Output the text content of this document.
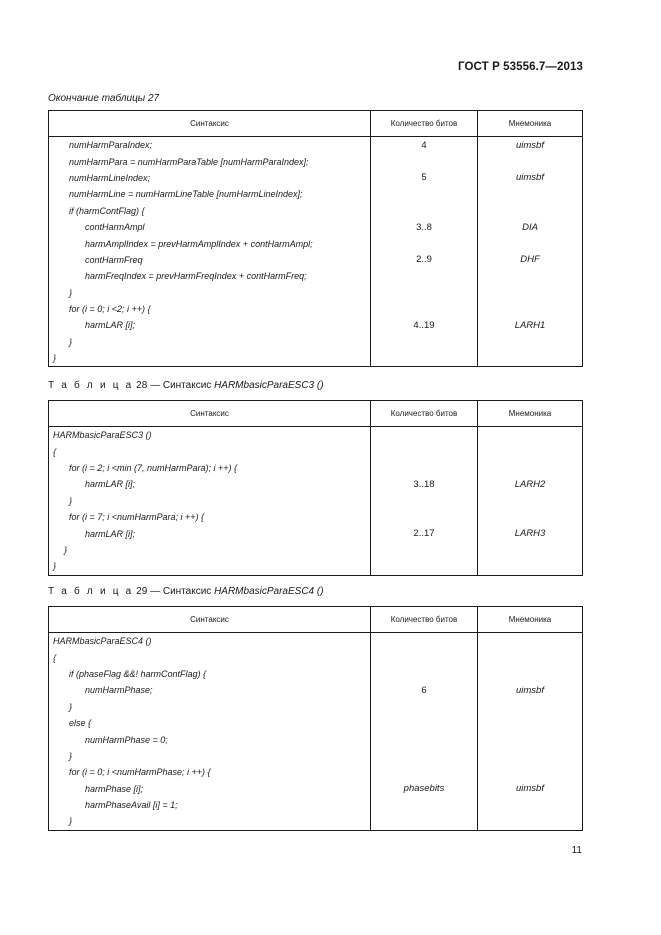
ГОСТ Р 53556.7—2013
Окончание таблицы 27
Синтаксис	Количество битов	Мнемоника
numHarmParaIndex;	4	uimsbf
numHarmPara = numHarmParaTable [numHarmParaIndex];		
numHarmLineIndex;	5	uimsbf
numHarmLine = numHarmLineTable [numHarmLineIndex];		
if (harmContFlag) {		
contHarmAmpl	3..8	DIA
harmAmplIndex = prevHarmAmplIndex + contHarmAmpl;		
contHarmFreq	2..9	DHF
harmFreqIndex = prevHarmFreqIndex + contHarmFreq;		
}		
for (i = 0; i <2; i ++) {		
harmLAR [i];	4..19	LARH1
}		
}		
Т а б л и ц а 28 — Синтаксис HARMbasicParaESC3 ()
Синтаксис	Количество битов	Мнемоника
HARMbasicParaESC3 ()		
{		
for (i = 2; i <min (7, numHarmPara); i ++) {		
harmLAR [i];	3..18	LARH2
}		
for (i = 7; i <numHarmPara; i ++) {		
harmLAR [i];	2..17	LARH3
}		
}		
Т а б л и ц а 29 — Синтаксис HARMbasicParaESC4 ()
Синтаксис	Количество битов	Мнемоника
HARMbasicParaESC4 ()		
{		
if (phaseFlag &&! harmContFlag) {		
numHarmPhase;	6	uimsbf
}		
else {		
numHarmPhase = 0;		
}		
for (i = 0; i <numHarmPhase; i ++) {		
harmPhase [i];	phasebits	uimsbf
harmPhaseAvail [i] = 1;		
}		
11
